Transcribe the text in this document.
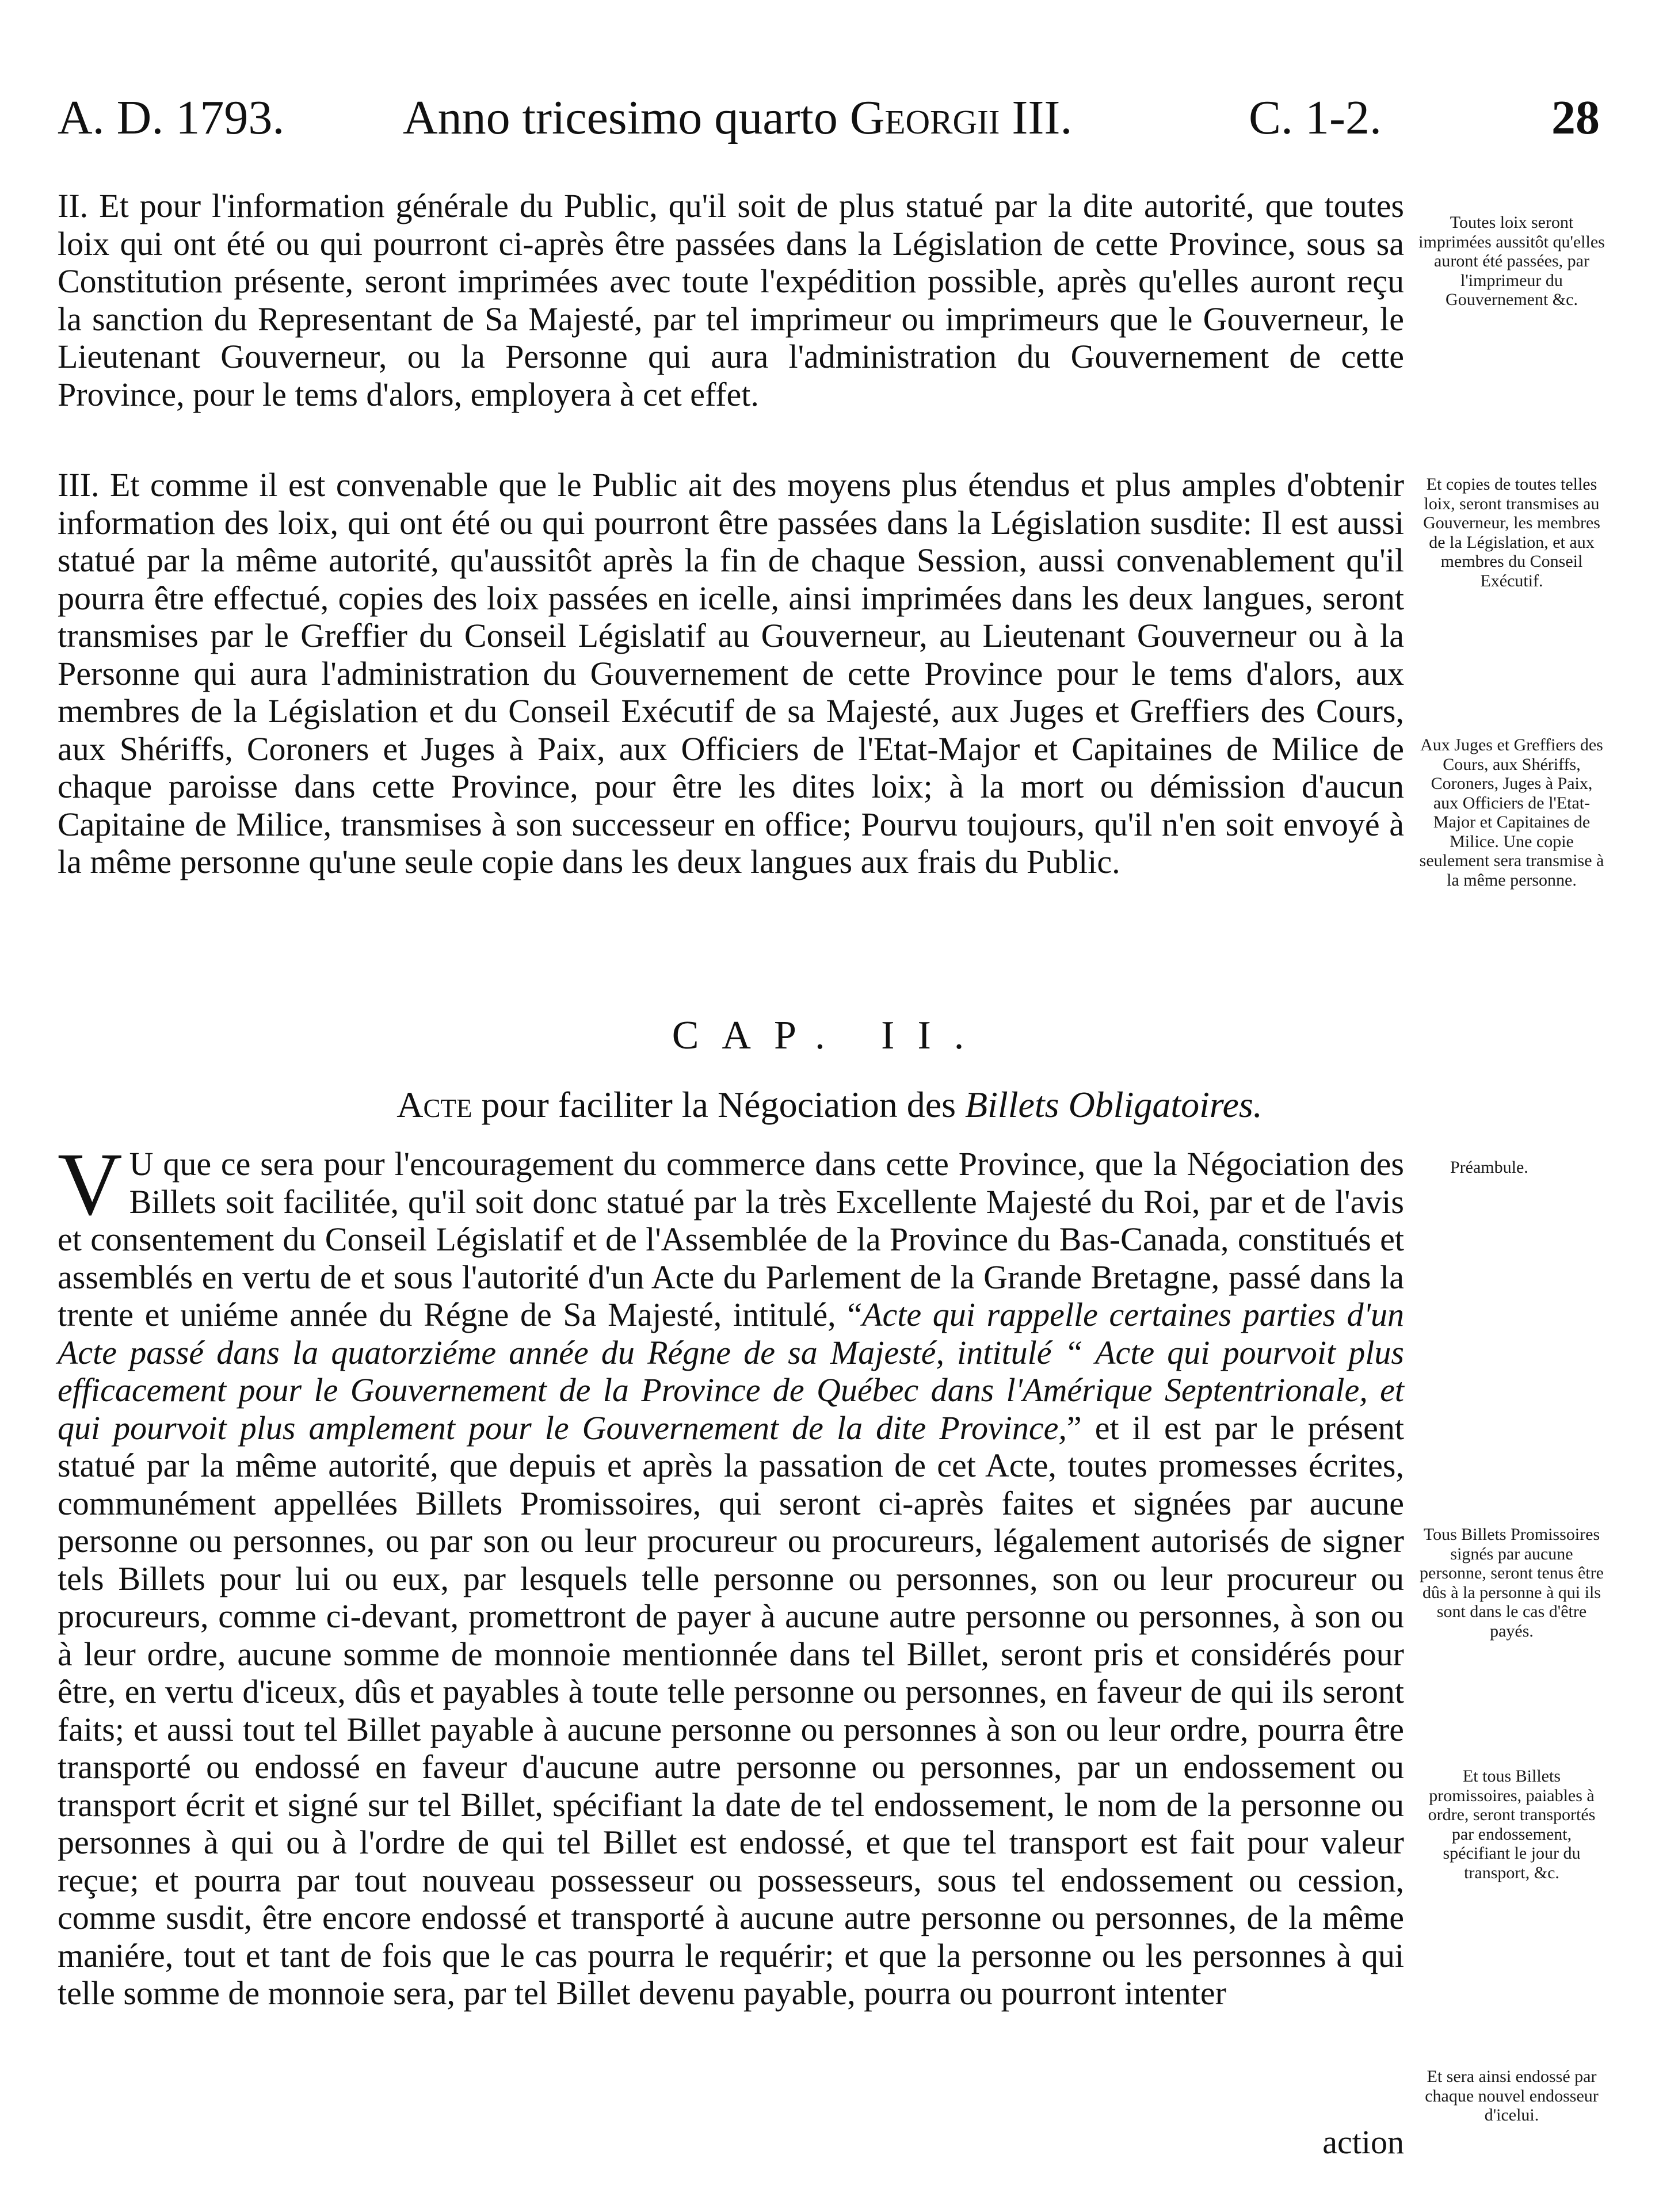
A. D. 1793. Anno tricesimo quarto Georgii III.	C. 1-2.	28

II. Et pour l'information générale du Public, qu'il soit de plus statué par la dite autorité, que toutes loix qui ont été ou qui pourront ci-après être passées dans la Législation de cette Province, sous sa Constitution présente, seront imprimées avec toute l'expédition possible, après qu'elles auront reçu la sanction du Representant de Sa Majesté, par tel imprimeur ou imprimeurs que le Gouverneur, le Lieutenant Gouverneur, ou la Personne qui aura l'administration du Gouvernement de cette Province, pour le tems d'alors, employera à cet effet.

Toutes loix seront imprimées aussitôt qu'elles auront été passées, par l'imprimeur du Gouvernement &c.

III. Et comme il est convenable que le Public ait des moyens plus étendus et plus amples d'obtenir information des loix, qui ont été ou qui pourront être passées dans la Législation susdite: Il est aussi statué par la même autorité, qu'aussitôt après la fin de chaque Session, aussi convenablement qu'il pourra être effectué, copies des loix passées en icelle, ainsi imprimées dans les deux langues, seront transmises par le Greffier du Conseil Législatif au Gouverneur, au Lieutenant Gouverneur ou à la Personne qui aura l'administration du Gouvernement de cette Province pour le tems d'alors, aux membres de la Législation et du Conseil Exécutif de sa Majesté, aux Juges et Greffiers des Cours, aux Shériffs, Coroners et Juges à Paix, aux Officiers de l'Etat-Major et Capitaines de Milice de chaque paroisse dans cette Province, pour être les dites loix; à la mort ou démission d'aucun Capitaine de Milice, transmises à son successeur en office; Pourvu toujours, qu'il n'en soit envoyé à la même personne qu'une seule copie dans les deux langues aux frais du Public.

Et copies de toutes telles loix, seront transmises au Gouverneur, les membres de la Législation, et aux membres du Conseil Exécutif.

Aux Juges et Greffiers des Cours, aux Shériffs, Coroners, Juges à Paix, aux Officiers de l'Etat-Major et Capitaines de Milice. Une copie seulement sera transmise à la même personne.

CAP. II.
Acte pour faciliter la Négociation des Billets Obligatoires.

Préambule.

V U que ce sera pour l'encouragement du commerce dans cette Province, que la Négociation des Billets soit facilitée, qu'il soit donc statué par la très Excellente Majesté du Roi, par et de l'avis et consentement du Conseil Législatif et de l'Assemblée de la Province du Bas-Canada, constitués et assemblés en vertu de et sous l'autorité d'un Acte du Parlement de la Grande Bretagne, passé dans la trente et uniéme année du Régne de Sa Majesté, intitulé, “Acte qui rappelle certaines parties d'un Acte passé dans la quatorziéme année du Régne de sa Majesté, intitulé “ Acte qui pourvoit plus efficacement pour le Gouvernement de la Province de Québec dans l'Amérique Septentrionale, et qui pourvoit plus amplement pour le Gouvernement de la dite Province,” et il est par le présent statué par la même autorité, que depuis et après la passation de cet Acte, toutes promesses écrites, communément appellées Billets Promissoires, qui seront ci-après faites et signées par aucune personne ou personnes, ou par son ou leur procureur ou procureurs, légalement autorisés de signer tels Billets pour lui ou eux, par lesquels telle personne ou personnes, son ou leur procureur ou procureurs, comme ci-devant, promettront de payer à aucune autre personne ou personnes, à son ou à leur ordre, aucune somme de monnoie mentionnée dans tel Billet, seront pris et considérés pour être, en vertu d'iceux, dûs et payables à toute telle personne ou personnes, en faveur de qui ils seront faits; et aussi tout tel Billet payable à aucune personne ou personnes à son ou leur ordre, pourra être transporté ou endossé en faveur d'aucune autre personne ou personnes, par un endossement ou transport écrit et signé sur tel Billet, spécifiant la date de tel endossement, le nom de la personne ou personnes à qui ou à l'ordre de qui tel Billet est endossé, et que tel transport est fait pour valeur reçue; et pourra par tout nouveau possesseur ou possesseurs, sous tel endossement ou cession, comme susdit, être encore endossé et transporté à aucune autre personne ou personnes, de la même maniére, tout et tant de fois que le cas pourra le requérir; et que la personne ou les personnes à qui telle somme de monnoie sera, par tel Billet devenu payable, pourra ou pourront intenter

action

Tous Billets Promissoires signés par aucune personne, seront tenus être dûs à la personne à qui ils sont dans le cas d'être payés.

Et tous Billets promissoires, paiables à ordre, seront transportés par endossement, spécifiant le jour du transport, &c.

Et sera ainsi endossé par chaque nouvel endosseur d'icelui.
